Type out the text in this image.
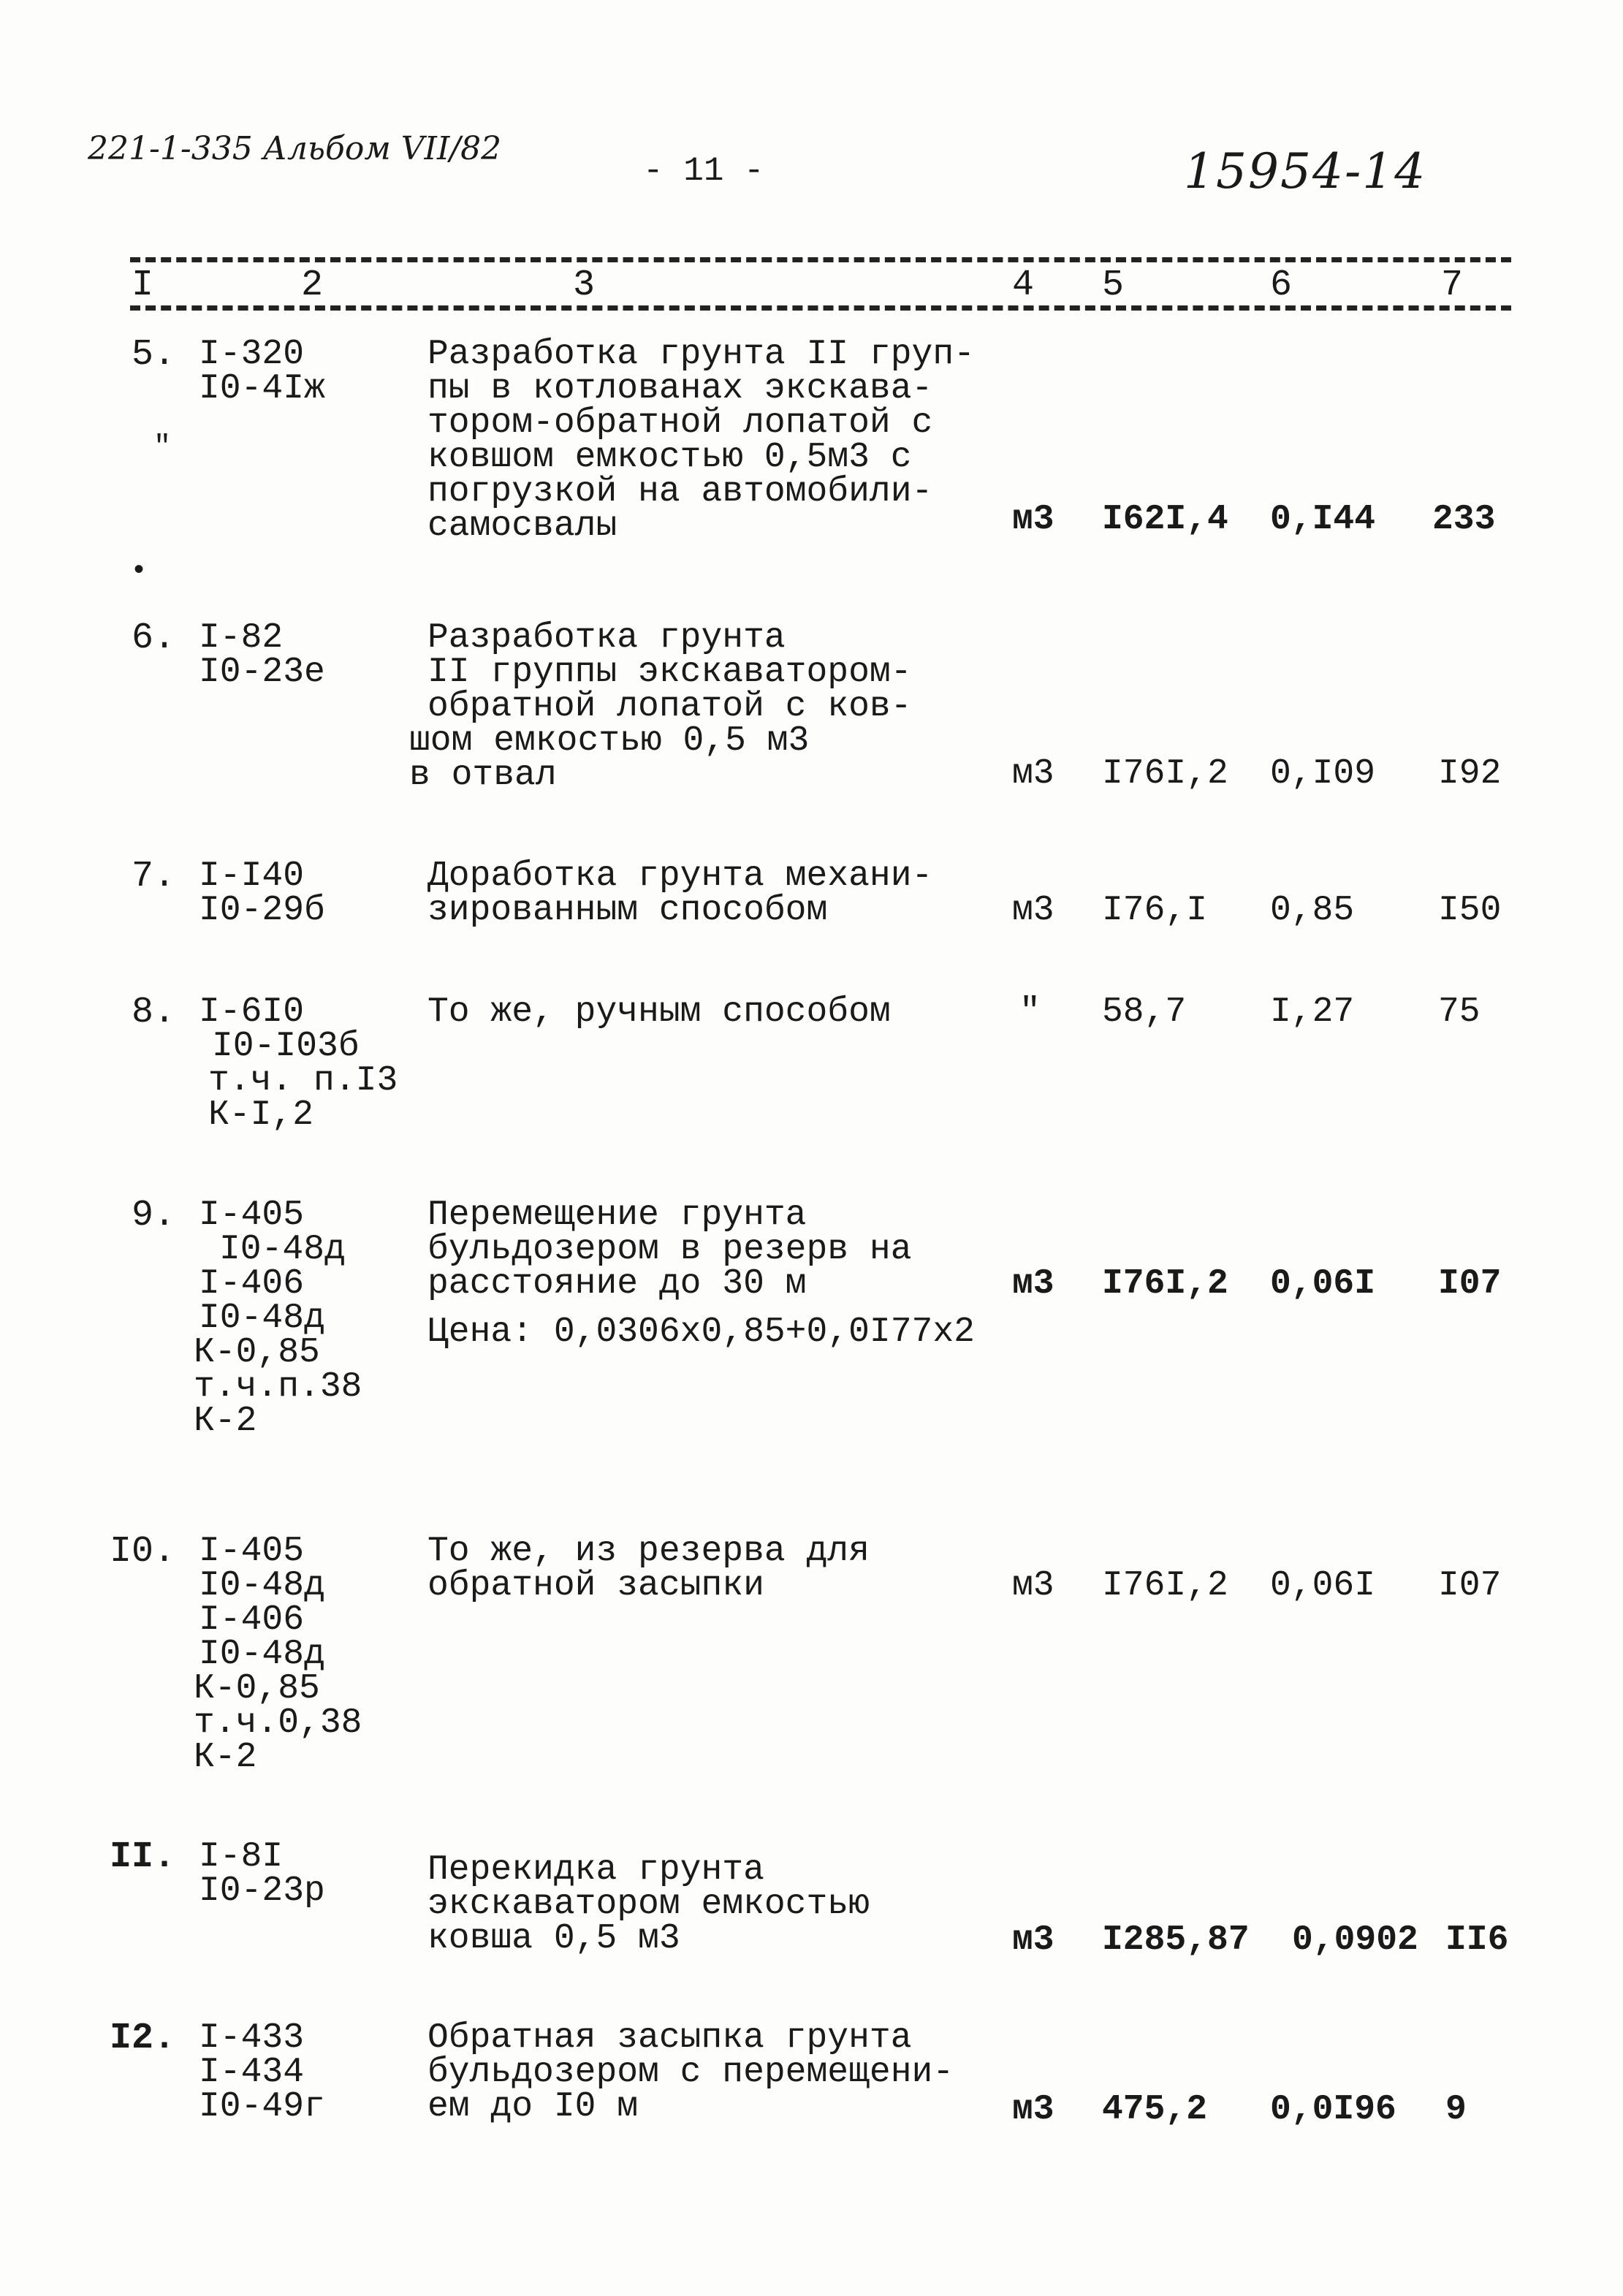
221-1-335 Альбом VII/82
- 11 -	15954-14
I	2	3	4 5	6	7
5. I-320
I0-4Iж
Разработка грунта II груп-
пы в котлованах экскава-
тором-обратной лопатой с
ковшом емкостью 0,5м3 с
погрузкой на автомобили-
самосвалы	м3 I62I,4 0,I44 233
"
•
6. I-82
I0-23е
Разработка грунта
II группы экскаватором-
обратной лопатой с ков-
шом емкостью 0,5 м3
в отвал	м3 I76I,2 0,I09 I92
7. I-I40
I0-29б
Доработка грунта механи-
зированным способом	м3 I76,I 0,85 I50
8. I-6I0
I0-I03б
т.ч. п.I3
К-I,2
То же, ручным способом	" 58,7 I,27 75
9. I-405
I0-48д
I-406
I0-48д
К-0,85
т.ч.п.38
К-2
Перемещение грунта
бульдозером в резерв на
расстояние до 30 м
Цена: 0,0306х0,85+0,0I77х2
м3 I76I,2 0,06I I07
I0. I-405
I0-48д
I-406
I0-48д
К-0,85
т.ч.0,38
К-2
То же, из резерва для
обратной засыпки	м3 I76I,2 0,06I I07
II. I-8I
I0-23р
Перекидка грунта
экскаватором емкостью
ковша 0,5 м3	м3 I285,87 0,0902 II6
I2. I-433
I-434
I0-49г
Обратная засыпка грунта
бульдозером с перемещени-
ем до I0 м	м3 475,2 0,0I96 9
